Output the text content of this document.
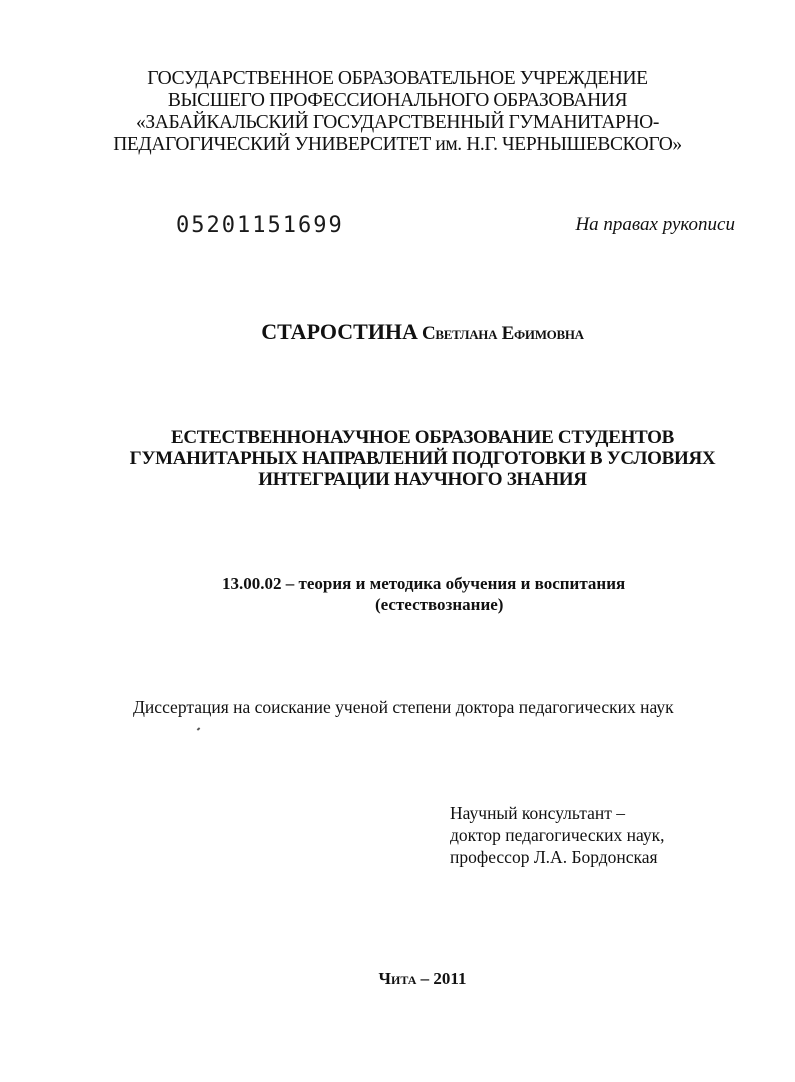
ГОСУДАРСТВЕННОЕ ОБРАЗОВАТЕЛЬНОЕ УЧРЕЖДЕНИЕ
ВЫСШЕГО ПРОФЕССИОНАЛЬНОГО ОБРАЗОВАНИЯ
«ЗАБАЙКАЛЬСКИЙ ГОСУДАРСТВЕННЫЙ ГУМАНИТАРНО-
ПЕДАГОГИЧЕСКИЙ УНИВЕРСИТЕТ им. Н.Г. ЧЕРНЫШЕВСКОГО»
05201151699	На правах рукописи
СТАРОСТИНА Светлана Ефимовна
ЕСТЕСТВЕННОНАУЧНОЕ ОБРАЗОВАНИЕ СТУДЕНТОВ
ГУМАНИТАРНЫХ НАПРАВЛЕНИЙ ПОДГОТОВКИ В УСЛОВИЯХ
ИНТЕГРАЦИИ НАУЧНОГО ЗНАНИЯ
13.00.02 – теория и методика обучения и воспитания
(естествознание)
Диссертация на соискание ученой степени доктора педагогических наук
Научный консультант –
доктор педагогических наук,
профессор Л.А. Бордонская
Чита – 2011
